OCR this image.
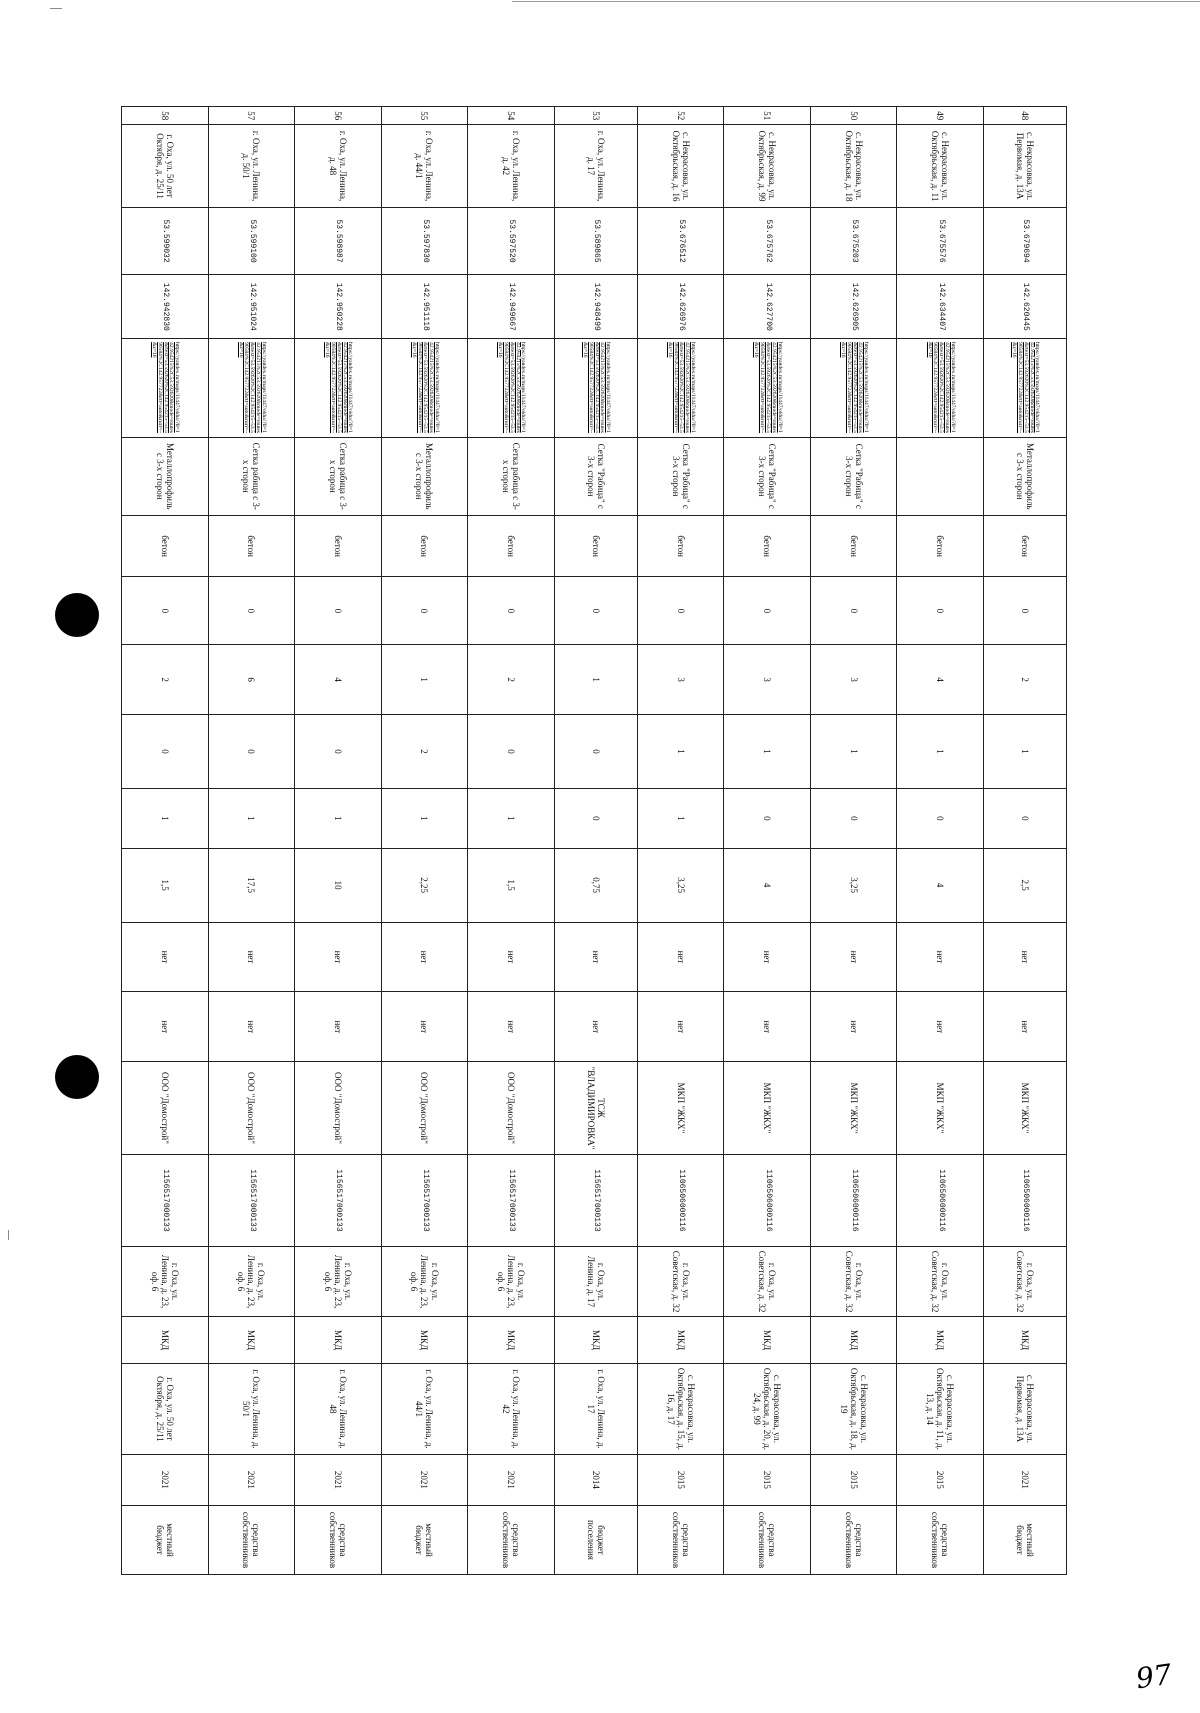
48	с. Некрасовка, ул. Первомая, д. 13А	53.679694	142.620445	https://yandex.ru/maps/11447/okha/?ll=142.954215%2C53.592620&mode=routes&rtext=53.592620%2C142.954215~53.590584%2C142.957722&rtt=auto&ruri=~&z=16	Металлопрофиль с 3-х сторон	бетон	0	2	1	0	2,5	нет	нет	МКП "ЖКХ"	1106506000116	г. Оха, ул. Советская, д. 32	МКД	с. Некрасовка, ул. Первомая, д. 13А	2021	местный бюджет
49	с. Некрасовка, ул. Октябрьская, д. 11	53.675576	142.634407	https://yandex.ru/maps/11447/okha/?ll=142.954215%2C53.592620&mode=routes&rtext=53.592620%2C142.954215~53.590584%2C142.957722&rtt=auto&ruri=~&z=16		бетон	0	4	1	0	4	нет	нет	МКП "ЖКХ"	1106506000116	г. Оха, ул. Советская, д. 32	МКД	с. Некрасовка, ул. Октябрьская, д. 11, д. 13, д. 14	2015	средства собственников
50	с. Некрасовка, ул. Октябрьская, д. 18	53.675203	142.626905	https://yandex.ru/maps/11447/okha/?ll=142.954215%2C53.592620&mode=routes&rtext=53.592620%2C142.954215~53.590584%2C142.957722&rtt=auto&ruri=~&z=16	Сетка "Рабица" с 3-х сторон	бетон	0	3	1	0	3,25	нет	нет	МКП "ЖКХ"	1106506000116	г. Оха, ул. Советская, д. 32	МКД	с. Некрасовка, ул. Октябрьская, д. 18, д. 19	2015	средства собственников
51	с. Некрасовка, ул. Октябрьская, д. 99	53.675762	142.627700	https://yandex.ru/maps/11447/okha/?ll=142.954215%2C53.592620&mode=routes&rtext=53.592620%2C142.954215~53.590584%2C142.957722&rtt=auto&ruri=~&z=16	Сетка "Рабица" с 3-х сторон	бетон	0	3	1	0	4	нет	нет	МКП "ЖКХ"	1106506000116	г. Оха, ул. Советская, д. 32	МКД	с. Некрасовка, ул. Октябрьская, д. 20, д. 24, д. 99	2015	средства собственников
52	с. Некрасовка, ул. Октябрьская, д. 16	53.676512	142.626976	https://yandex.ru/maps/11447/okha/?ll=142.954215%2C53.592620&mode=routes&rtext=53.592620%2C142.954215~53.590584%2C142.957722&rtt=auto&ruri=~&z=16	Сетка "Рабица" с 3-х сторон	бетон	0	3	1	1	3,25	нет	нет	МКП "ЖКХ"	1106506000116	г. Оха, ул. Советская, д. 32	МКД	с. Некрасовка, ул. Октябрьская, д. 15, д. 16, д. 17	2015	средства собственников
53	г. Оха, ул. Ленина, д. 17	53.589865	142.948499	https://yandex.ru/maps/11447/okha/?ll=142.954215%2C53.592620&mode=routes&rtext=53.592620%2C142.954215~53.590584%2C142.957722&rtt=auto&ruri=~&z=16	Сетка "Рабица" с 3-х сторон	бетон	0	1	0	0	0,75	нет	нет	ТСЖ "ВЛАДИМИРОВКА"	1156517000133	г. Оха, ул. Ленина, д. 17	МКД	г. Оха, ул. Ленина, д. 17	2014	бюджет поселения
54	г. Оха, ул. Ленина, д. 42	53.597520	142.949667	https://yandex.ru/maps/11447/okha/?ll=142.954215%2C53.592620&mode=routes&rtext=53.592620%2C142.954215~53.590584%2C142.957722&rtt=auto&ruri=~&z=16	Сетка рабица с 3-х сторон	бетон	0	2	0	1	1,5	нет	нет	ООО "Домострой"	1156517000133	г. Оха, ул. Ленина, д. 23, оф. 6	МКД	г. Оха, ул. Ленина, д. 42	2021	средства собственников
55	г. Оха, ул. Ленина, д. 44/1	53.597830	142.951118	https://yandex.ru/maps/11447/okha/?ll=142.954215%2C53.592620&mode=routes&rtext=53.592620%2C142.954215~53.590584%2C142.957722&rtt=auto&ruri=~&z=16	Металлопрофиль с 3-х сторон	бетон	0	1	2	1	2,25	нет	нет	ООО "Домострой"	1156517000133	г. Оха, ул. Ленина, д. 23, оф. 6	МКД	г. Оха, ул. Ленина, д. 44/1	2021	местный бюджет
56	г. Оха, ул. Ленина, д. 48	53.598987	142.950228	https://yandex.ru/maps/11447/okha/?ll=142.954215%2C53.592620&mode=routes&rtext=53.592620%2C142.954215~53.590584%2C142.957722&rtt=auto&ruri=~&z=16	Сетка рабица с 3-х сторон	бетон	0	4	0	1	10	нет	нет	ООО "Домострой"	1156517000133	г. Оха, ул. Ленина, д. 23, оф. 6	МКД	г. Оха, ул. Ленина, д. 48	2021	средства собственников
57	г. Оха, ул. Ленина, д. 50/1	53.599100	142.951024	https://yandex.ru/maps/11447/okha/?ll=142.954215%2C53.592620&mode=routes&rtext=53.592620%2C142.954215~53.590584%2C142.957722&rtt=auto&ruri=~&z=16	Сетка рабица с 3-х сторон	бетон	0	6	0	1	17,5	нет	нет	ООО "Домострой"	1156517000133	г. Оха, ул. Ленина, д. 23, оф. 6	МКД	г. Оха, ул. Ленина, д. 50/1	2021	средства собственников
58	г. Оха, ул. 50 лет Октября, д. 25/11	53.599032	142.942830	https://yandex.ru/maps/11447/okha/?ll=142.954215%2C53.592620&mode=routes&rtext=53.592620%2C142.954215~53.590584%2C142.957722&rtt=auto&ruri=~&z=16	Металлопрофиль с 3-х сторон	бетон	0	2	0	1	1,5	нет	нет	ООО "Домострой"	1156517000133	г. Оха, ул. Ленина, д. 23, оф. 6	МКД	г. Оха, ул. 50 лет Октября, д. 25/11	2021	местный бюджет
97
